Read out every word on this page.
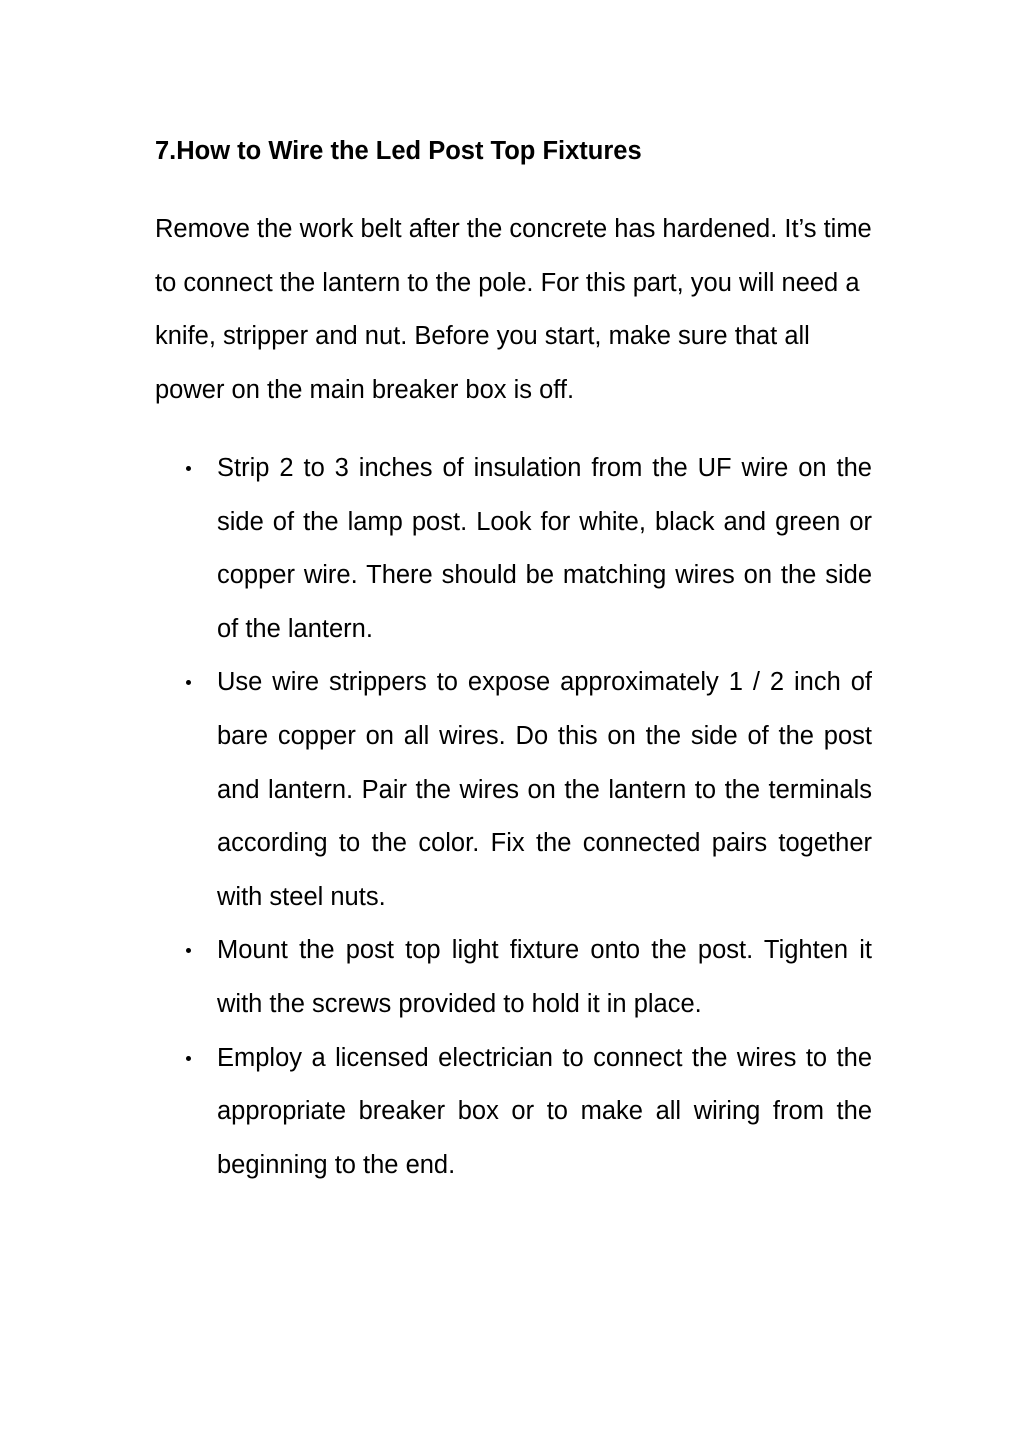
7.How to Wire the Led Post Top Fixtures

Remove the work belt after the concrete has hardened. It’s time to connect the lantern to the pole. For this part, you will need a knife, stripper and nut. Before you start, make sure that all power on the main breaker box is off.

Strip 2 to 3 inches of insulation from the UF wire on the side of the lamp post. Look for white, black and green or copper wire. There should be matching wires on the side of the lantern.
Use wire strippers to expose approximately 1 / 2 inch of bare copper on all wires. Do this on the side of the post and lantern. Pair the wires on the lantern to the terminals according to the color. Fix the connected pairs together with steel nuts.
Mount the post top light fixture onto the post. Tighten it with the screws provided to hold it in place.
Employ a licensed electrician to connect the wires to the appropriate breaker box or to make all wiring from the beginning to the end.
